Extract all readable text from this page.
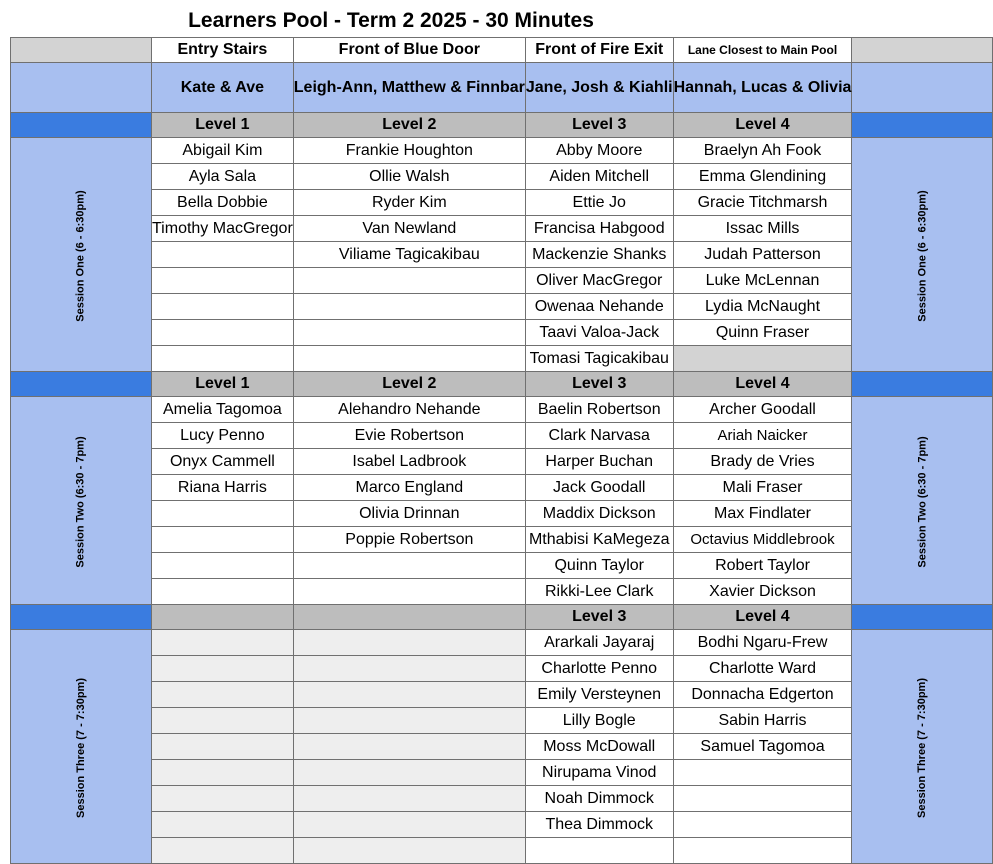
Learners Pool - Term 2 2025 - 30 Minutes
	Entry Stairs	Front of Blue Door	Front of Fire Exit	Lane Closest to Main Pool	
	Kate & Ave	Leigh-Ann, Matthew & Finnbar	Jane, Josh & Kiahli	Hannah, Lucas & Olivia	
	Level 1	Level 2	Level 3	Level 4	
Session One (6 - 6:30pm)	Abigail Kim	Frankie Houghton	Abby Moore	Braelyn Ah Fook	Session One (6 - 6:30pm)
	Ayla Sala	Ollie Walsh	Aiden Mitchell	Emma Glendining	
	Bella Dobbie	Ryder Kim	Ettie Jo	Gracie Titchmarsh	
	Timothy MacGregor	Van Newland	Francisa Habgood	Issac Mills	
		Viliame Tagicakibau	Mackenzie Shanks	Judah Patterson	
			Oliver MacGregor	Luke McLennan	
			Owenaa Nehande	Lydia McNaught	
			Taavi Valoa-Jack	Quinn Fraser	
			Tomasi Tagicakibau		
	Level 1	Level 2	Level 3	Level 4	
Session Two (6:30 - 7pm)	Amelia Tagomoa	Alehandro Nehande	Baelin Robertson	Archer Goodall	Session Two (6:30 - 7pm)
	Lucy Penno	Evie Robertson	Clark Narvasa	Ariah Naicker	
	Onyx Cammell	Isabel Ladbrook	Harper Buchan	Brady de Vries	
	Riana Harris	Marco England	Jack Goodall	Mali Fraser	
		Olivia Drinnan	Maddix Dickson	Max Findlater	
		Poppie Robertson	Mthabisi KaMegeza	Octavius Middlebrook	
			Quinn Taylor	Robert Taylor	
			Rikki-Lee Clark	Xavier Dickson	
			Level 3	Level 4	
Session Three (7 - 7:30pm)			Ararkali Jayaraj	Bodhi Ngaru-Frew	Session Three (7 - 7:30pm)
			Charlotte Penno	Charlotte Ward	
			Emily Versteynen	Donnacha Edgerton	
			Lilly Bogle	Sabin Harris	
			Moss McDowall	Samuel Tagomoa	
			Nirupama Vinod		
			Noah Dimmock		
			Thea Dimmock		
